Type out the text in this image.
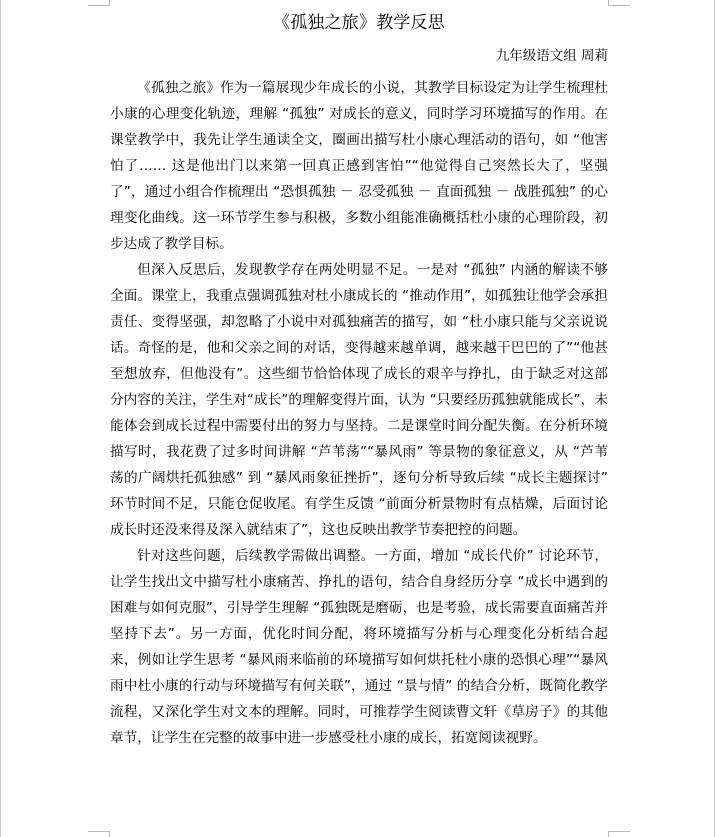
《孤独之旅》教学反思
九年级语文组 周莉

《孤独之旅》作为一篇展现少年成长的小说，其教学目标设定为让学生梳理杜小康的心理变化轨迹，理解 “孤独” 对成长的意义，同时学习环境描写的作用。在课堂教学中，我先让学生通读全文，圈画出描写杜小康心理活动的语句，如 “他害怕了…… 这是他出门以来第一回真正感到害怕”“他觉得自己突然长大了，坚强了”，通过小组合作梳理出 “恐惧孤独 － 忍受孤独 － 直面孤独 － 战胜孤独” 的心理变化曲线。这一环节学生参与积极，多数小组能准确概括杜小康的心理阶段，初步达成了教学目标。

但深入反思后，发现教学存在两处明显不足。一是对 “孤独” 内涵的解读不够全面。课堂上，我重点强调孤独对杜小康成长的 “推动作用”，如孤独让他学会承担责任、变得坚强，却忽略了小说中对孤独痛苦的描写，如 “杜小康只能与父亲说说话。奇怪的是，他和父亲之间的对话，变得越来越单调，越来越干巴巴的了”“他甚至想放弃，但他没有”。这些细节恰恰体现了成长的艰辛与挣扎，由于缺乏对这部分内容的关注，学生对“成长”的理解变得片面，认为 “只要经历孤独就能成长”，未能体会到成长过程中需要付出的努力与坚持。二是课堂时间分配失衡。在分析环境描写时，我花费了过多时间讲解 “芦苇荡”“暴风雨” 等景物的象征意义，从 “芦苇荡的广阔烘托孤独感” 到 “暴风雨象征挫折”，逐句分析导致后续 “成长主题探讨” 环节时间不足，只能仓促收尾。有学生反馈 “前面分析景物时有点枯燥，后面讨论成长时还没来得及深入就结束了”，这也反映出教学节奏把控的问题。

针对这些问题，后续教学需做出调整。一方面，增加 “成长代价” 讨论环节，让学生找出文中描写杜小康痛苦、挣扎的语句，结合自身经历分享 “成长中遇到的困难与如何克服”，引导学生理解 “孤独既是磨砺，也是考验，成长需要直面痛苦并坚持下去”。另一方面，优化时间分配，将环境描写分析与心理变化分析结合起来，例如让学生思考 “暴风雨来临前的环境描写如何烘托杜小康的恐惧心理”“暴风雨中杜小康的行动与环境描写有何关联”，通过 “景与情” 的结合分析，既简化教学流程，又深化学生对文本的理解。同时，可推荐学生阅读曹文轩《草房子》的其他章节，让学生在完整的故事中进一步感受杜小康的成长，拓宽阅读视野。
